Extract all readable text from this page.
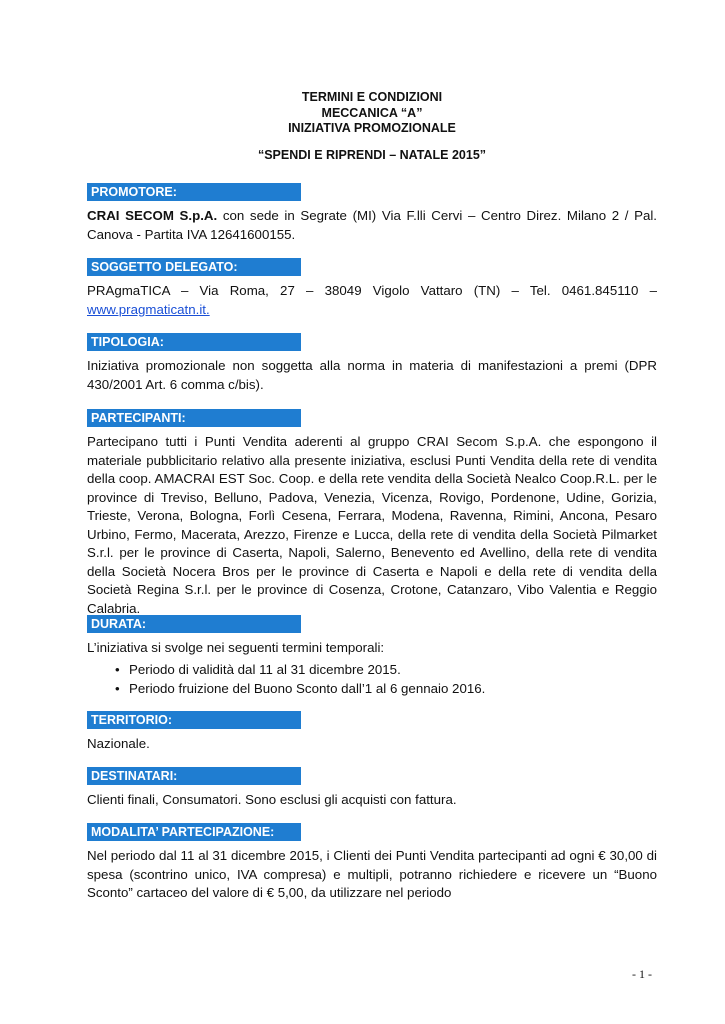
TERMINI E CONDIZIONI

MECCANICA “A”

INIZIATIVA PROMOZIONALE

“SPENDI E RIPRENDI – NATALE 2015”

PROMOTORE:

CRAI SECOM S.p.A. con sede in Segrate (MI) Via F.lli Cervi – Centro Direz. Milano 2 / Pal. Canova - Partita IVA 12641600155.

SOGGETTO DELEGATO:

PRAgmaTICA – Via Roma, 27 – 38049 Vigolo Vattaro (TN) – Tel. 0461.845110 – www.pragmaticatn.it.

TIPOLOGIA:

Iniziativa promozionale non soggetta alla norma in materia di manifestazioni a premi (DPR 430/2001 Art. 6 comma c/bis).

PARTECIPANTI:

Partecipano tutti i Punti Vendita aderenti al gruppo CRAI Secom S.p.A. che espongono il materiale pubblicitario relativo alla presente iniziativa, esclusi Punti Vendita della rete di vendita della coop. AMACRAI EST Soc. Coop. e della rete vendita della Società Nealco Coop.R.L. per le province di Treviso, Belluno, Padova, Venezia, Vicenza, Rovigo, Pordenone, Udine, Gorizia, Trieste, Verona, Bologna, Forlì Cesena, Ferrara, Modena, Ravenna, Rimini, Ancona, Pesaro Urbino, Fermo, Macerata, Arezzo, Firenze e Lucca, della rete di vendita della Società Pilmarket S.r.l. per le province di Caserta, Napoli, Salerno, Benevento ed Avellino, della rete di vendita della Società Nocera Bros per le province di Caserta e Napoli e della rete di vendita della Società Regina S.r.l. per le province di Cosenza, Crotone, Catanzaro, Vibo Valentia e Reggio Calabria.

DURATA:

L’iniziativa si svolge nei seguenti termini temporali:

• Periodo di validità dal 11 al 31 dicembre 2015.
• Periodo fruizione del Buono Sconto dall’1 al 6 gennaio 2016.
TERRITORIO:

Nazionale.

DESTINATARI:

Clienti finali, Consumatori. Sono esclusi gli acquisti con fattura.

MODALITA’ PARTECIPAZIONE:

Nel periodo dal 11 al 31 dicembre 2015, i Clienti dei Punti Vendita partecipanti ad ogni € 30,00 di spesa (scontrino unico, IVA compresa) e multipli, potranno richiedere e ricevere un “Buono Sconto” cartaceo del valore di € 5,00, da utilizzare nel periodo

- 1 -
